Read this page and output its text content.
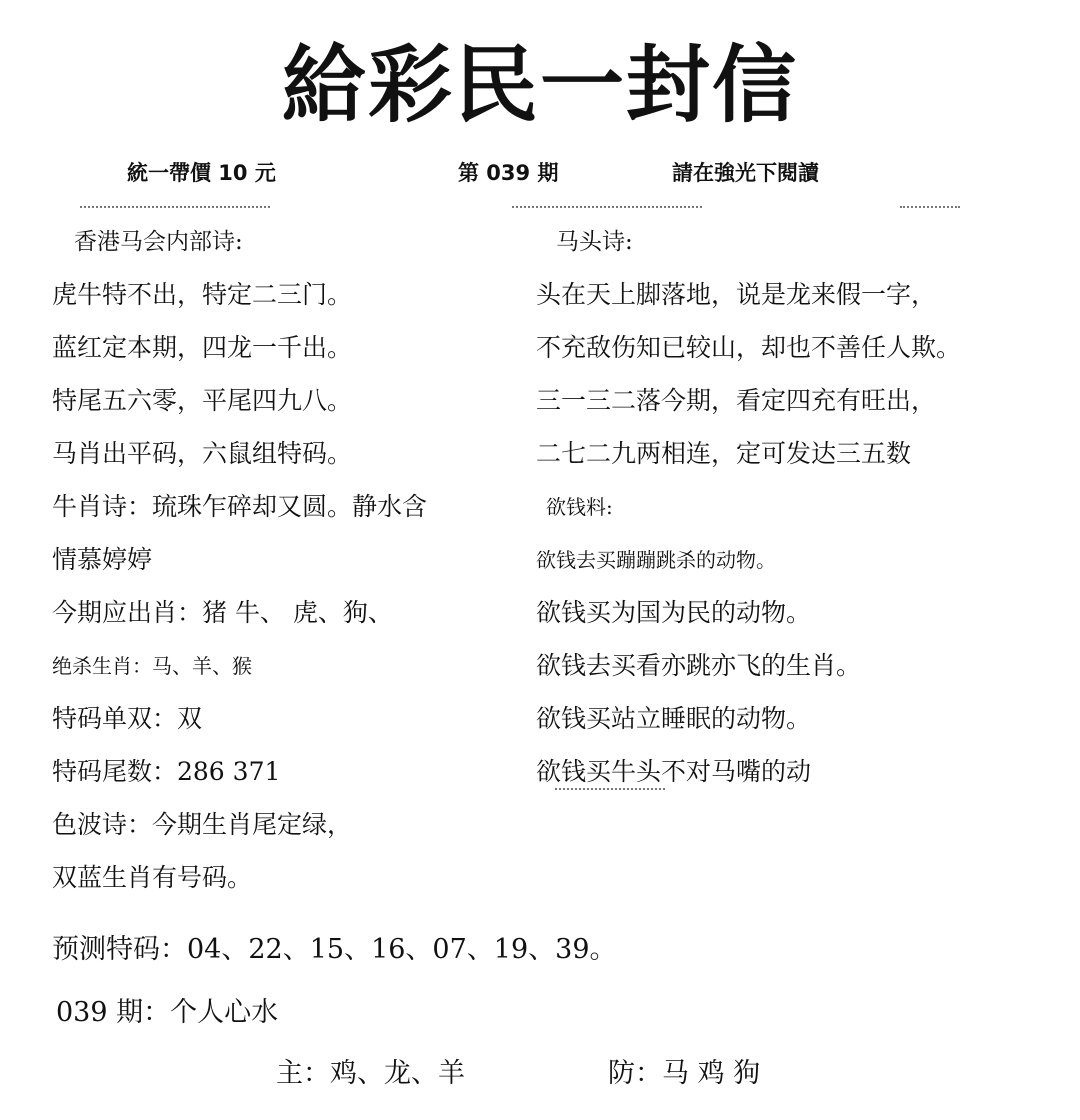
給彩民一封信
統一帶價 10 元	第 039 期	請在強光下閱讀
香港马会内部诗:
虎牛特不出，特定二三门。
蓝红定本期，四龙一千出。
特尾五六零，平尾四九八。
马肖出平码，六鼠组特码。
牛肖诗：琉珠乍碎却又圆。静水含
情慕婷婷
今期应出肖：猪 牛、 虎、狗、
绝杀生肖：马、羊、猴
特码单双：双
特码尾数：286 371
色波诗：今期生肖尾定绿，
双蓝生肖有号码。
马头诗:
头在天上脚落地，说是龙来假一字，
不充敌伤知已较山，却也不善任人欺。
三一三二落今期，看定四充有旺出，
二七二九两相连，定可发达三五数
欲钱料:
欲钱去买蹦蹦跳杀的动物。
欲钱买为国为民的动物。
欲钱去买看亦跳亦飞的生肖。
欲钱买站立睡眠的动物。
欲钱买牛头不对马嘴的动
预测特码：04、22、15、16、07、19、39。
039 期：个人心水
主：鸡、龙、羊	防：马 鸡 狗
